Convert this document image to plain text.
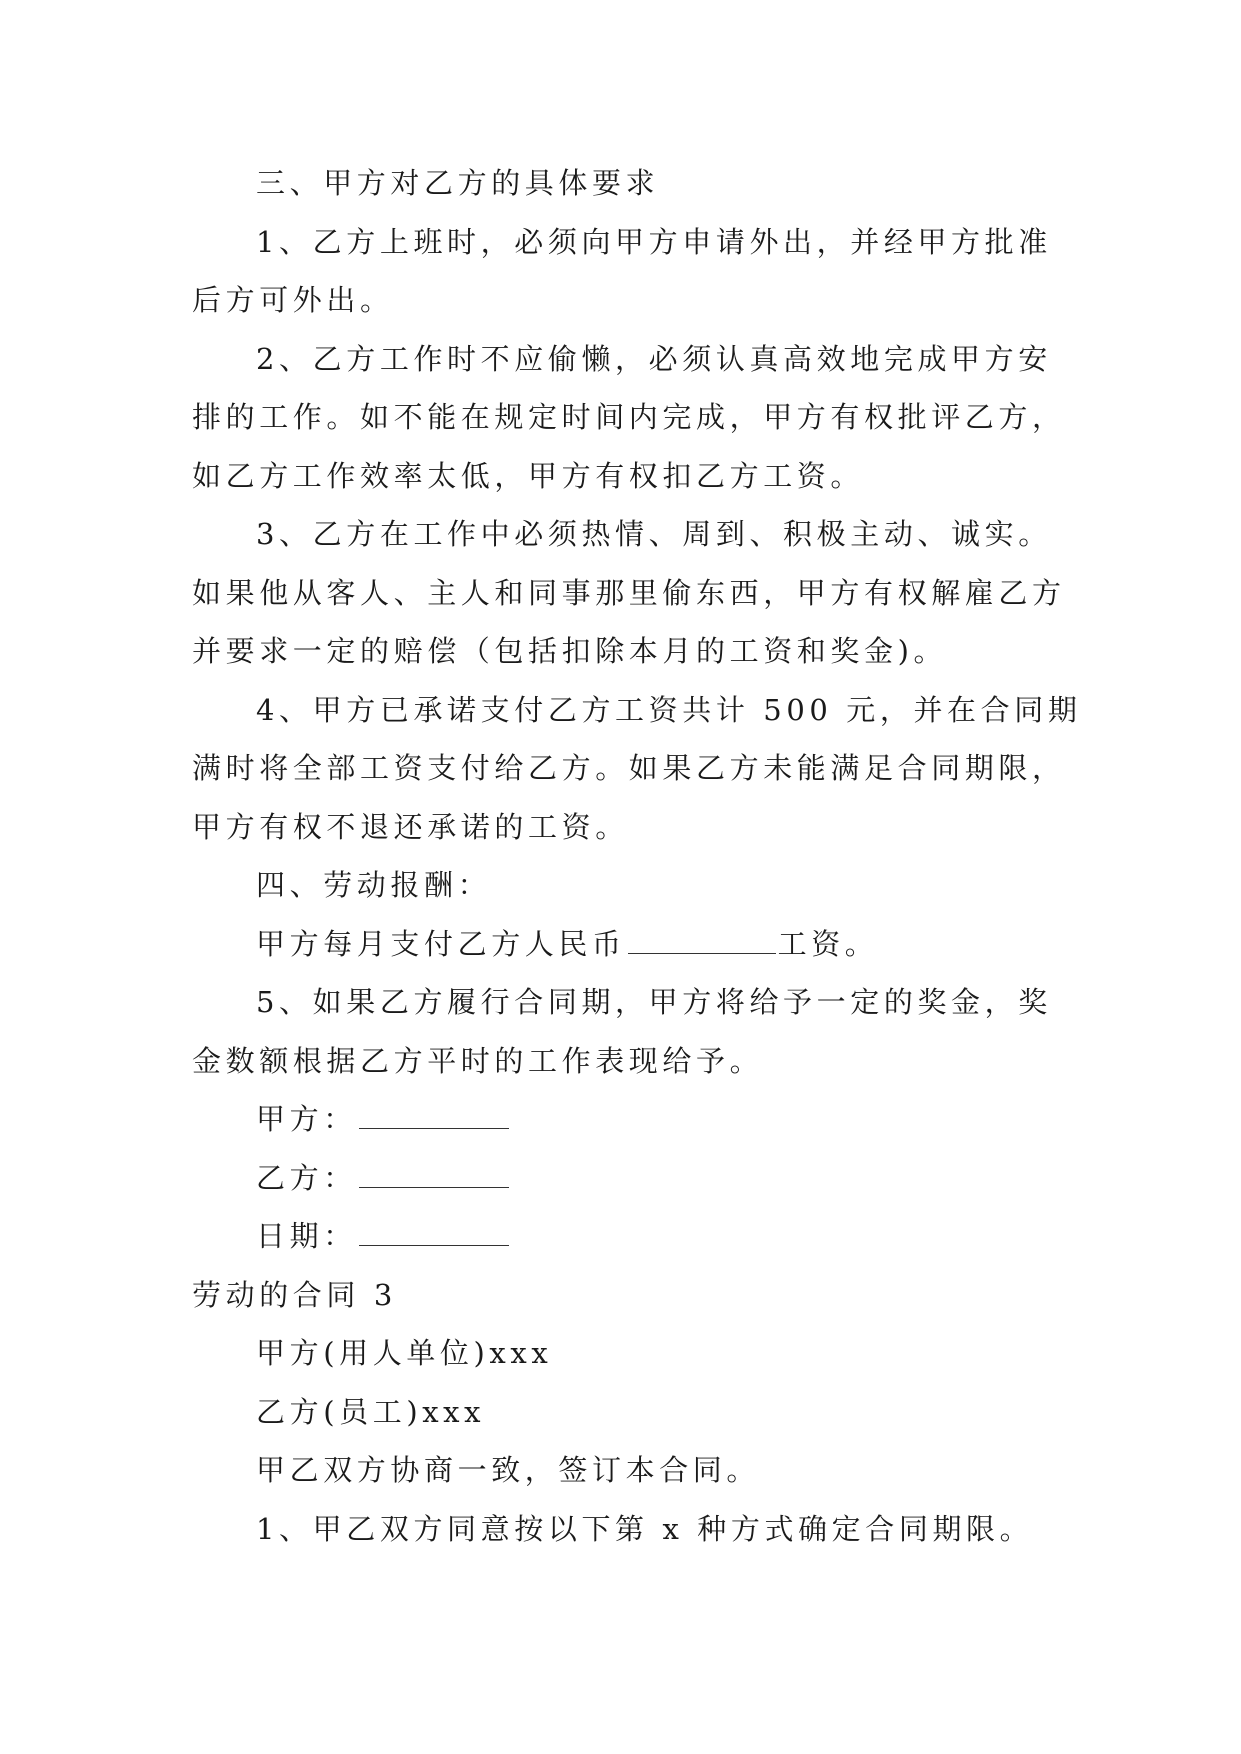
三、甲方对乙方的具体要求
1、乙方上班时，必须向甲方申请外出，并经甲方批准
后方可外出。
2、乙方工作时不应偷懒，必须认真高效地完成甲方安
排的工作。如不能在规定时间内完成，甲方有权批评乙方，
如乙方工作效率太低，甲方有权扣乙方工资。
3、乙方在工作中必须热情、周到、积极主动、诚实。
如果他从客人、主人和同事那里偷东西，甲方有权解雇乙方
并要求一定的赔偿（包括扣除本月的工资和奖金)。
4、甲方已承诺支付乙方工资共计 500 元，并在合同期
满时将全部工资支付给乙方。如果乙方未能满足合同期限，
甲方有权不退还承诺的工资。
四、劳动报酬：
甲方每月支付乙方人民币	工资。
5、如果乙方履行合同期，甲方将给予一定的奖金，奖
金数额根据乙方平时的工作表现给予。
甲方：
乙方：
日期：
劳动的合同 3
甲方(用人单位)xxx
乙方(员工)xxx
甲乙双方协商一致，签订本合同。
1、甲乙双方同意按以下第 x 种方式确定合同期限。
